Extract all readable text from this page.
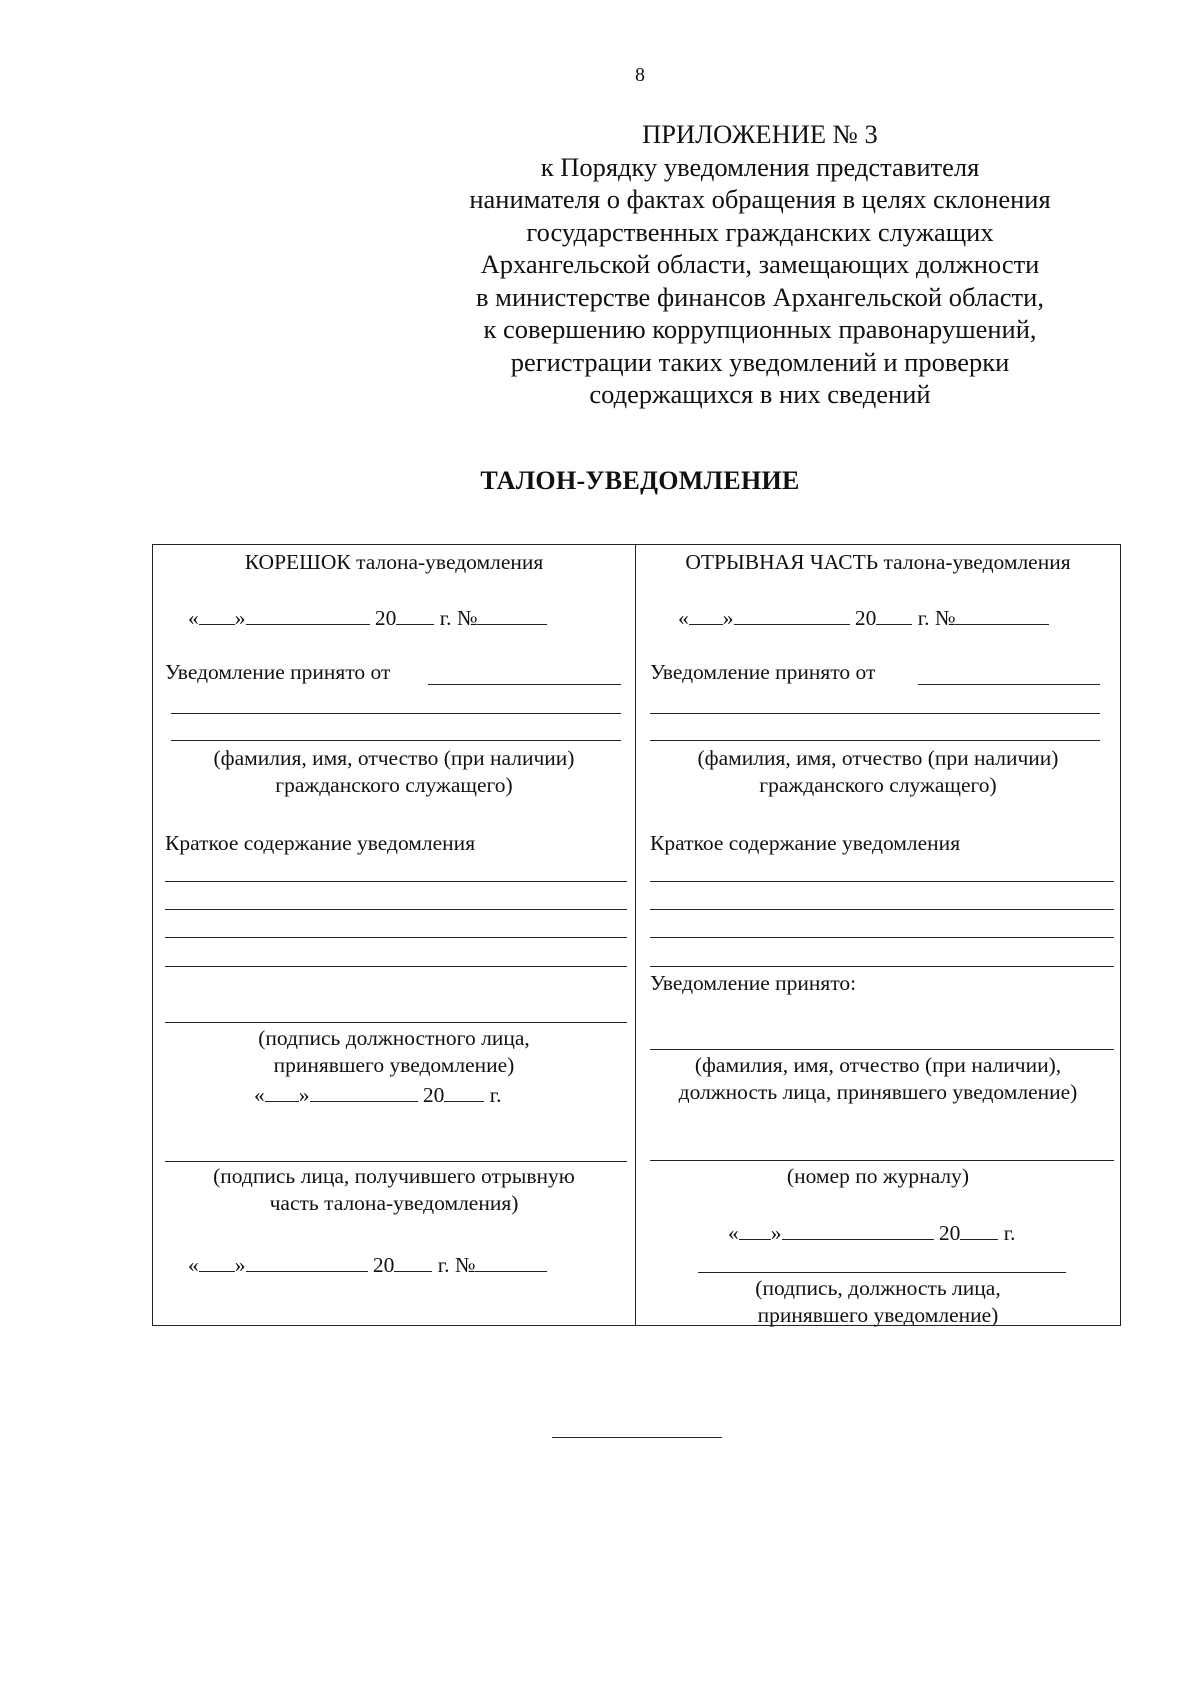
8
ПРИЛОЖЕНИЕ № 3
к Порядку уведомления представителя
нанимателя о фактах обращения в целях склонения
государственных гражданских служащих
Архангельской области, замещающих должности
в министерстве финансов Архангельской области,
к совершению коррупционных правонарушений,
регистрации таких уведомлений и проверки
содержащихся в них сведений
ТАЛОН-УВЕДОМЛЕНИЕ
КОРЕШОК талона-уведомления
« »	20 г. №
Уведомление принято от
(фамилия, имя, отчество (при наличии)
гражданского служащего)
Краткое содержание уведомления
(подпись должностного лица,
принявшего уведомление)
« »	20 г.
(подпись лица, получившего отрывную
часть талона-уведомления)
« »	20 г. №
ОТРЫВНАЯ ЧАСТЬ талона-уведомления
« »	20 г. №
Уведомление принято от
(фамилия, имя, отчество (при наличии)
гражданского служащего)
Краткое содержание уведомления
Уведомление принято:
(фамилия, имя, отчество (при наличии),
должность лица, принявшего уведомление)
(номер по журналу)
« »	20 г.
(подпись, должность лица,
принявшего уведомление)
